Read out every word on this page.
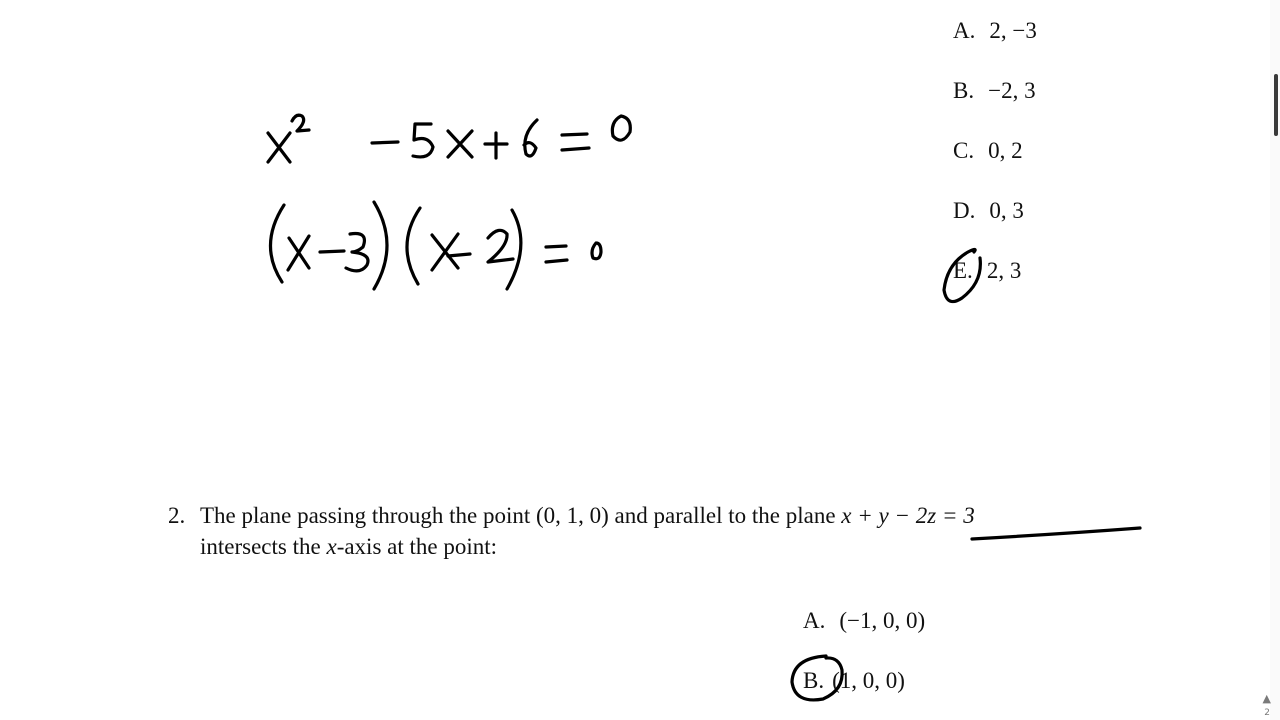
A. 2, −3
B. −2, 3
C. 0, 2
D. 0, 3
E. 2, 3
2. The plane passing through the point (0, 1, 0) and parallel to the plane x + y − 2z = 3
intersects the x-axis at the point:
A. (−1, 0, 0)
B. (1, 0, 0)
▲
2
